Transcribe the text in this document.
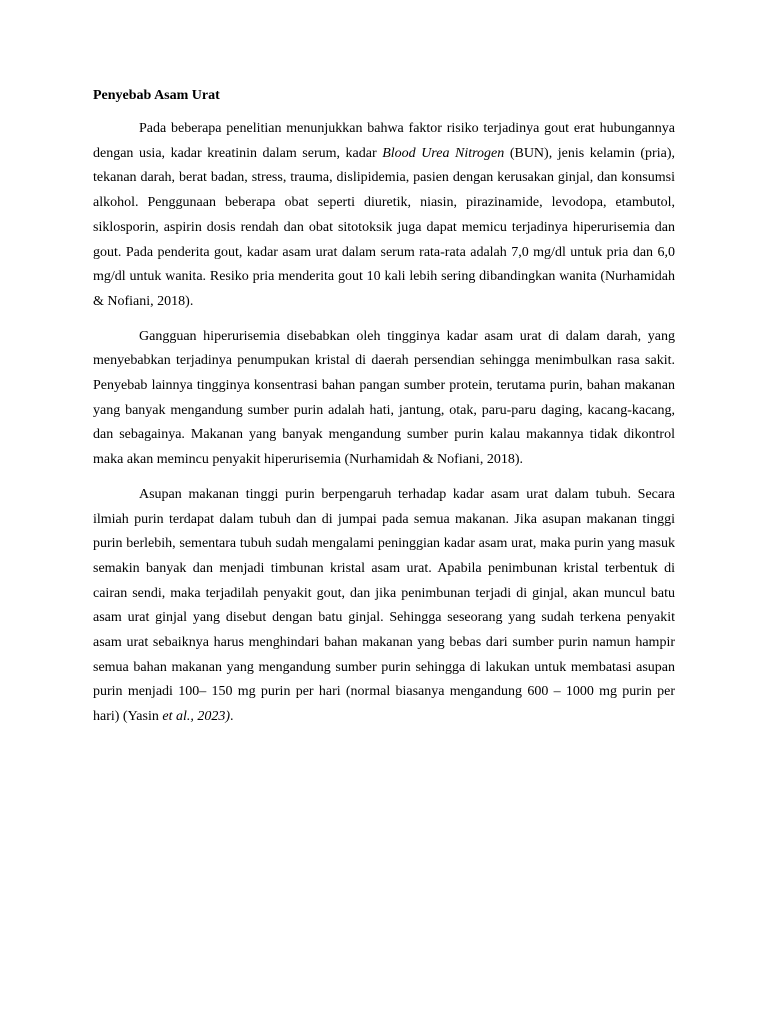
Penyebab Asam Urat

Pada beberapa penelitian menunjukkan bahwa faktor risiko terjadinya gout erat hubungannya dengan usia, kadar kreatinin dalam serum, kadar Blood Urea Nitrogen (BUN), jenis kelamin (pria), tekanan darah, berat badan, stress, trauma, dislipidemia, pasien dengan kerusakan ginjal, dan konsumsi alkohol. Penggunaan beberapa obat seperti diuretik, niasin, pirazinamide, levodopa, etambutol, siklosporin, aspirin dosis rendah dan obat sitotoksik juga dapat memicu terjadinya hiperurisemia dan gout. Pada penderita gout, kadar asam urat dalam serum rata-rata adalah 7,0 mg/dl untuk pria dan 6,0 mg/dl untuk wanita. Resiko pria menderita gout 10 kali lebih sering dibandingkan wanita (Nurhamidah & Nofiani, 2018).

Gangguan hiperurisemia disebabkan oleh tingginya kadar asam urat di dalam darah, yang menyebabkan terjadinya penumpukan kristal di daerah persendian sehingga menimbulkan rasa sakit. Penyebab lainnya tingginya konsentrasi bahan pangan sumber protein, terutama purin, bahan makanan yang banyak mengandung sumber purin adalah hati, jantung, otak, paru-paru daging, kacang-kacang, dan sebagainya. Makanan yang banyak mengandung sumber purin kalau makannya tidak dikontrol maka akan memincu penyakit hiperurisemia (Nurhamidah & Nofiani, 2018).

Asupan makanan tinggi purin berpengaruh terhadap kadar asam urat dalam tubuh. Secara ilmiah purin terdapat dalam tubuh dan di jumpai pada semua makanan. Jika asupan makanan tinggi purin berlebih, sementara tubuh sudah mengalami peninggian kadar asam urat, maka purin yang masuk semakin banyak dan menjadi timbunan kristal asam urat. Apabila penimbunan kristal terbentuk di cairan sendi, maka terjadilah penyakit gout, dan jika penimbunan terjadi di ginjal, akan muncul batu asam urat ginjal yang disebut dengan batu ginjal. Sehingga seseorang yang sudah terkena penyakit asam urat sebaiknya harus menghindari bahan makanan yang bebas dari sumber purin namun hampir semua bahan makanan yang mengandung sumber purin sehingga di lakukan untuk membatasi asupan purin menjadi 100– 150 mg purin per hari (normal biasanya mengandung 600 – 1000 mg purin per hari) (Yasin et al., 2023).
